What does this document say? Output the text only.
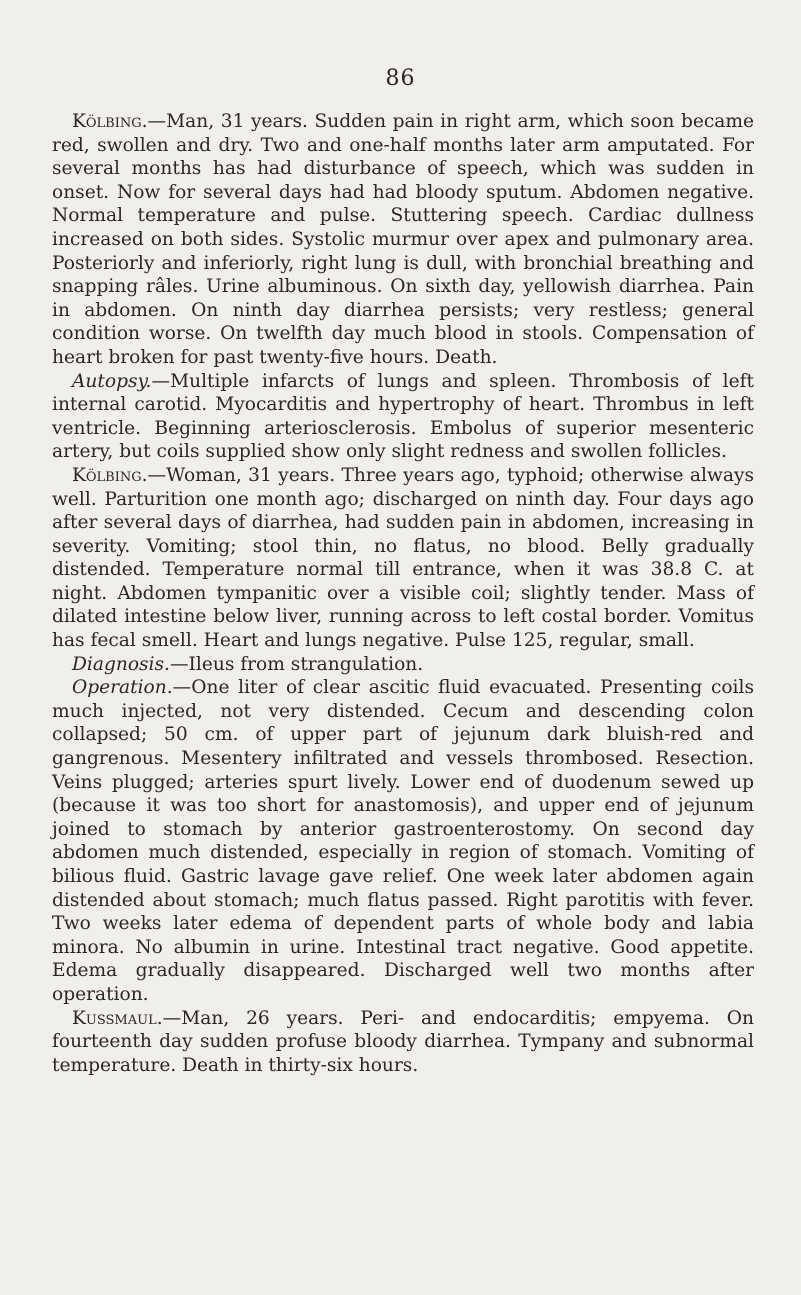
86

Kölbing.—Man, 31 years. Sudden pain in right arm, which soon became red, swollen and dry. Two and one-half months later arm amputated. For several months has had disturbance of speech, which was sudden in onset. Now for several days had had bloody sputum. Abdomen negative. Normal temperature and pulse. Stuttering speech. Cardiac dullness increased on both sides. Systolic murmur over apex and pulmonary area. Posteriorly and inferiorly, right lung is dull, with bronchial breathing and snapping râles. Urine albuminous. On sixth day, yellowish diarrhea. Pain in abdomen. On ninth day diarrhea persists; very restless; general condition worse. On twelfth day much blood in stools. Compensation of heart broken for past twenty-five hours. Death.

Autopsy.—Multiple infarcts of lungs and spleen. Thrombosis of left internal carotid. Myocarditis and hypertrophy of heart. Thrombus in left ventricle. Beginning arteriosclerosis. Embolus of superior mesenteric artery, but coils supplied show only slight redness and swollen follicles.

Kölbing.—Woman, 31 years. Three years ago, typhoid; otherwise always well. Parturition one month ago; discharged on ninth day. Four days ago after several days of diarrhea, had sudden pain in abdomen, increasing in severity. Vomiting; stool thin, no flatus, no blood. Belly gradually distended. Temperature normal till entrance, when it was 38.8 C. at night. Abdomen tympanitic over a visible coil; slightly tender. Mass of dilated intestine below liver, running across to left costal border. Vomitus has fecal smell. Heart and lungs negative. Pulse 125, regular, small.

Diagnosis.—Ileus from strangulation.

Operation.—One liter of clear ascitic fluid evacuated. Presenting coils much injected, not very distended. Cecum and descending colon collapsed; 50 cm. of upper part of jejunum dark bluish-red and gangrenous. Mesentery infiltrated and vessels thrombosed. Resection. Veins plugged; arteries spurt lively. Lower end of duodenum sewed up (because it was too short for anastomosis), and upper end of jejunum joined to stomach by anterior gastroenterostomy. On second day abdomen much distended, especially in region of stomach. Vomiting of bilious fluid. Gastric lavage gave relief. One week later abdomen again distended about stomach; much flatus passed. Right parotitis with fever. Two weeks later edema of dependent parts of whole body and labia minora. No albumin in urine. Intestinal tract negative. Good appetite. Edema gradually disappeared. Discharged well two months after operation.

Kussmaul.—Man, 26 years. Peri- and endocarditis; empyema. On fourteenth day sudden profuse bloody diarrhea. Tympany and subnormal temperature. Death in thirty-six hours.
